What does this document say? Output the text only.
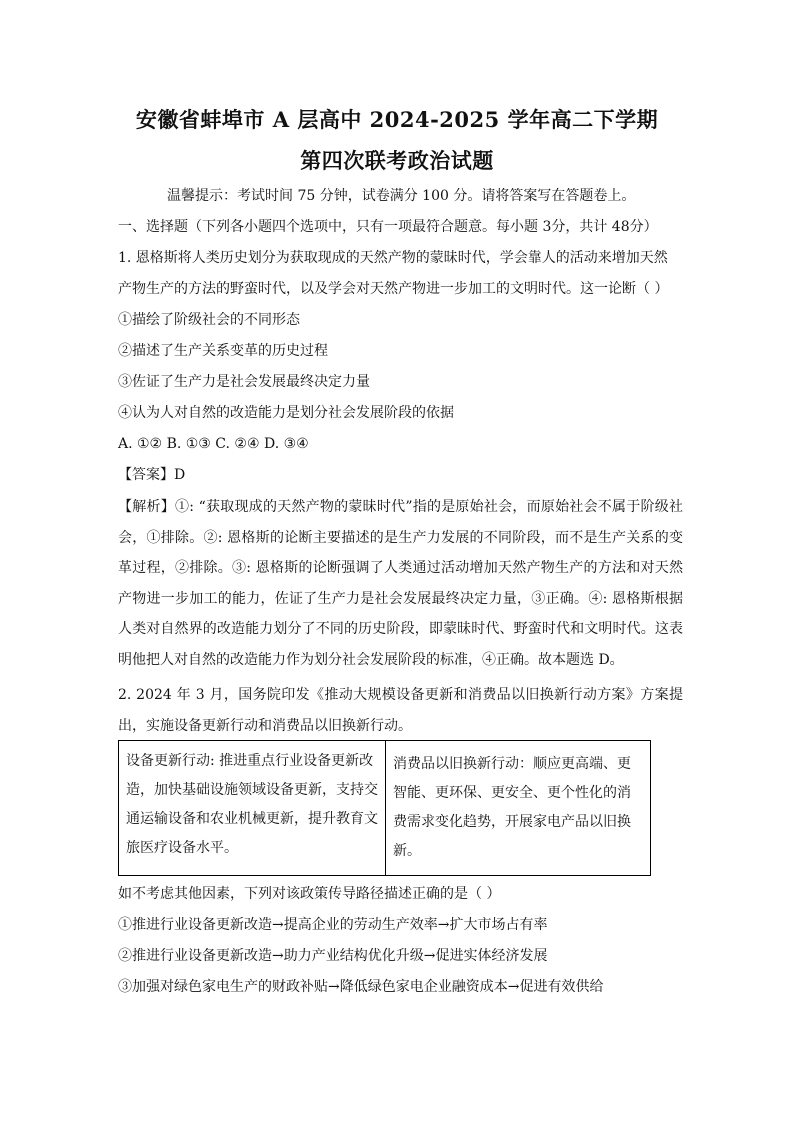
安徽省蚌埠市 A 层高中 2024-2025 学年高二下学期
第四次联考政治试题
温馨提示：考试时间 75 分钟，试卷满分 100 分。请将答案写在答题卷上。
一、选择题（下列各小题四个选项中，只有一项最符合题意。每小题 3分，共计 48分）
1. 恩格斯将人类历史划分为获取现成的天然产物的蒙昧时代，学会靠人的活动来增加天然
产物生产的方法的野蛮时代，以及学会对天然产物进一步加工的文明时代。这一论断（ ）
①描绘了阶级社会的不同形态
②描述了生产关系变革的历史过程
③佐证了生产力是社会发展最终决定力量
④认为人对自然的改造能力是划分社会发展阶段的依据
A. ①② B. ①③ C. ②④ D. ③④
【答案】D
【解析】①: “获取现成的天然产物的蒙昧时代”指的是原始社会，而原始社会不属于阶级社会，①排除。②: 恩格斯的论断主要描述的是生产力发展的不同阶段，而不是生产关系的变革过程，②排除。③: 恩格斯的论断强调了人类通过活动增加天然产物生产的方法和对天然产物进一步加工的能力，佐证了生产力是社会发展最终决定力量，③正确。④: 恩格斯根据人类对自然界的改造能力划分了不同的历史阶段，即蒙昧时代、野蛮时代和文明时代。这表明他把人对自然的改造能力作为划分社会发展阶段的标准，④正确。故本题选 D。
2. 2024 年 3 月，国务院印发《推动大规模设备更新和消费品以旧换新行动方案》方案提出，实施设备更新行动和消费品以旧换新行动。
设备更新行动: 推进重点行业设备更新改造，加快基础设施领域设备更新，支持交通运输设备和农业机械更新，提升教育文旅医疗设备水平。
消费品以旧换新行动：顺应更高端、更智能、更环保、更安全、更个性化的消费需求变化趋势，开展家电产品以旧换新。
如不考虑其他因素，下列对该政策传导路径描述正确的是（ ）
①推进行业设备更新改造→提高企业的劳动生产效率→扩大市场占有率
②推进行业设备更新改造→助力产业结构优化升级→促进实体经济发展
③加强对绿色家电生产的财政补贴→降低绿色家电企业融资成本→促进有效供给
